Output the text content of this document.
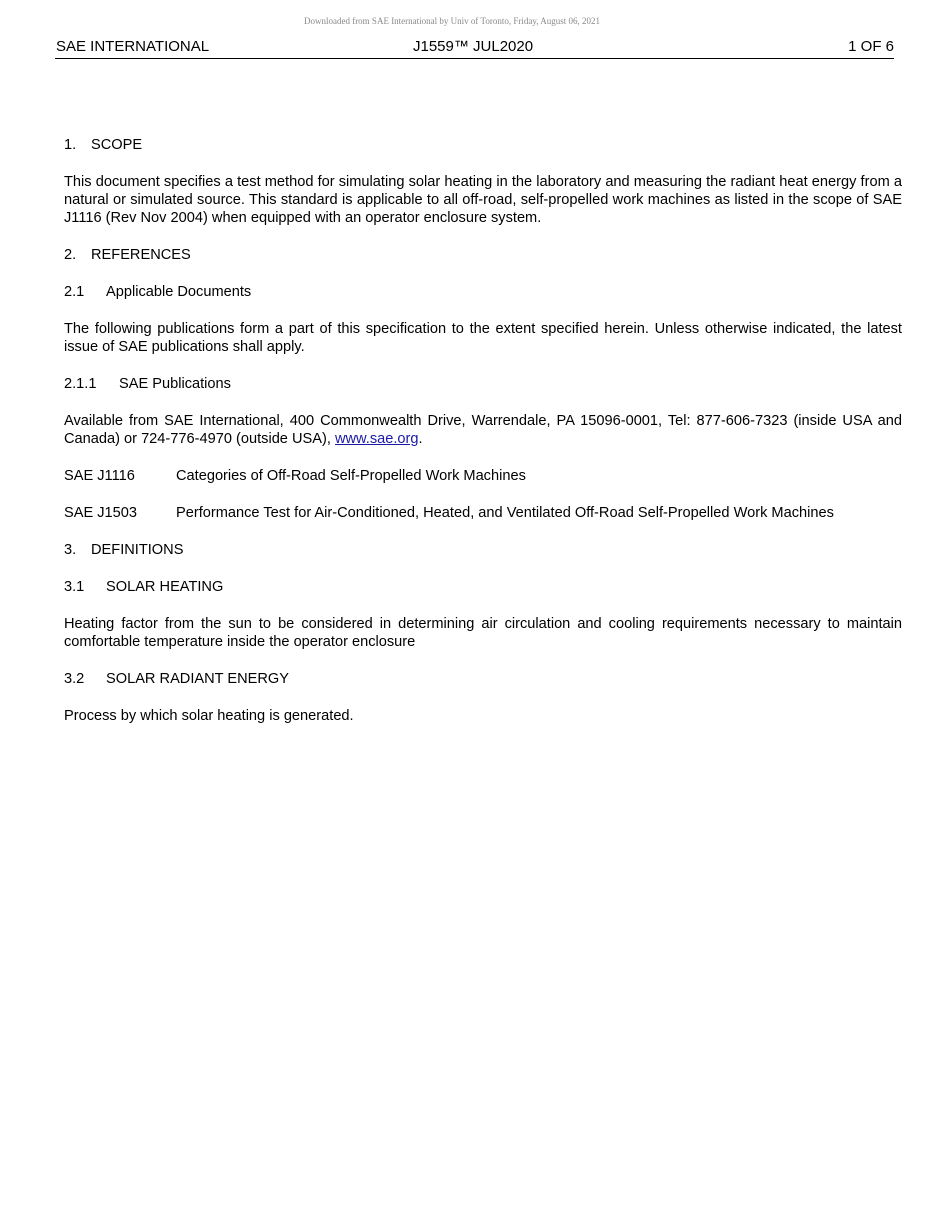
Downloaded from SAE International by Univ of Toronto, Friday, August 06, 2021
SAE INTERNATIONAL	J1559™ JUL2020	1 OF 6
1. SCOPE

This document specifies a test method for simulating solar heating in the laboratory and measuring the radiant heat energy from a natural or simulated source. This standard is applicable to all off-road, self-propelled work machines as listed in the scope of SAE J1116 (Rev Nov 2004) when equipped with an operator enclosure system.

2. REFERENCES
2.1 Applicable Documents

The following publications form a part of this specification to the extent specified herein. Unless otherwise indicated, the latest issue of SAE publications shall apply.

2.1.1 SAE Publications

Available from SAE International, 400 Commonwealth Drive, Warrendale, PA 15096-0001, Tel: 877-606-7323 (inside USA and Canada) or 724-776-4970 (outside USA), www.sae.org.

SAE J1116	Categories of Off-Road Self-Propelled Work Machines
SAE J1503	Performance Test for Air-Conditioned, Heated, and Ventilated Off-Road Self-Propelled Work Machines
3. DEFINITIONS
3.1 SOLAR HEATING

Heating factor from the sun to be considered in determining air circulation and cooling requirements necessary to maintain comfortable temperature inside the operator enclosure

3.2 SOLAR RADIANT ENERGY

Process by which solar heating is generated.
